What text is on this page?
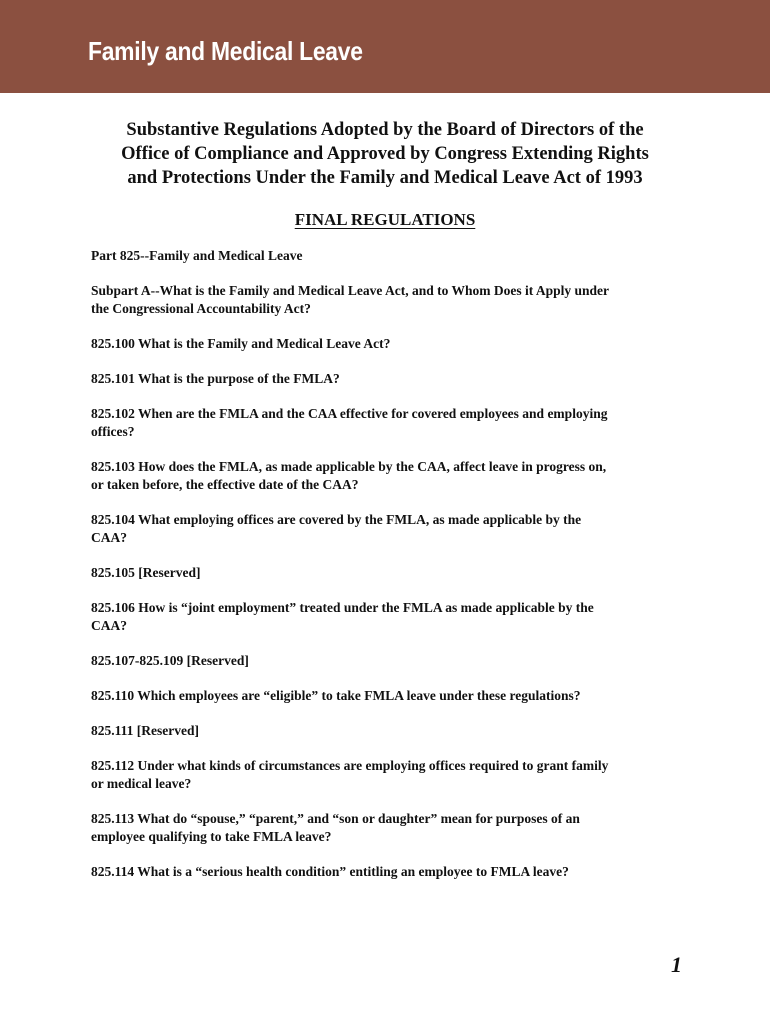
Family and Medical Leave
Substantive Regulations Adopted by the Board of Directors of the
Office of Compliance and Approved by Congress Extending Rights
and Protections Under the Family and Medical Leave Act of 1993
FINAL REGULATIONS
Part 825--Family and Medical Leave
Subpart A--What is the Family and Medical Leave Act, and to Whom Does it Apply under
the Congressional Accountability Act?
825.100 What is the Family and Medical Leave Act?
825.101 What is the purpose of the FMLA?
825.102 When are the FMLA and the CAA effective for covered employees and employing
offices?
825.103 How does the FMLA, as made applicable by the CAA, affect leave in progress on,
or taken before, the effective date of the CAA?
825.104 What employing offices are covered by the FMLA, as made applicable by the
CAA?
825.105 [Reserved]
825.106 How is “joint employment” treated under the FMLA as made applicable by the
CAA?
825.107-825.109 [Reserved]
825.110 Which employees are “eligible” to take FMLA leave under these regulations?
825.111 [Reserved]
825.112 Under what kinds of circumstances are employing offices required to grant family
or medical leave?
825.113 What do “spouse,” “parent,” and “son or daughter” mean for purposes of an
employee qualifying to take FMLA leave?
825.114 What is a “serious health condition” entitling an employee to FMLA leave?
1
